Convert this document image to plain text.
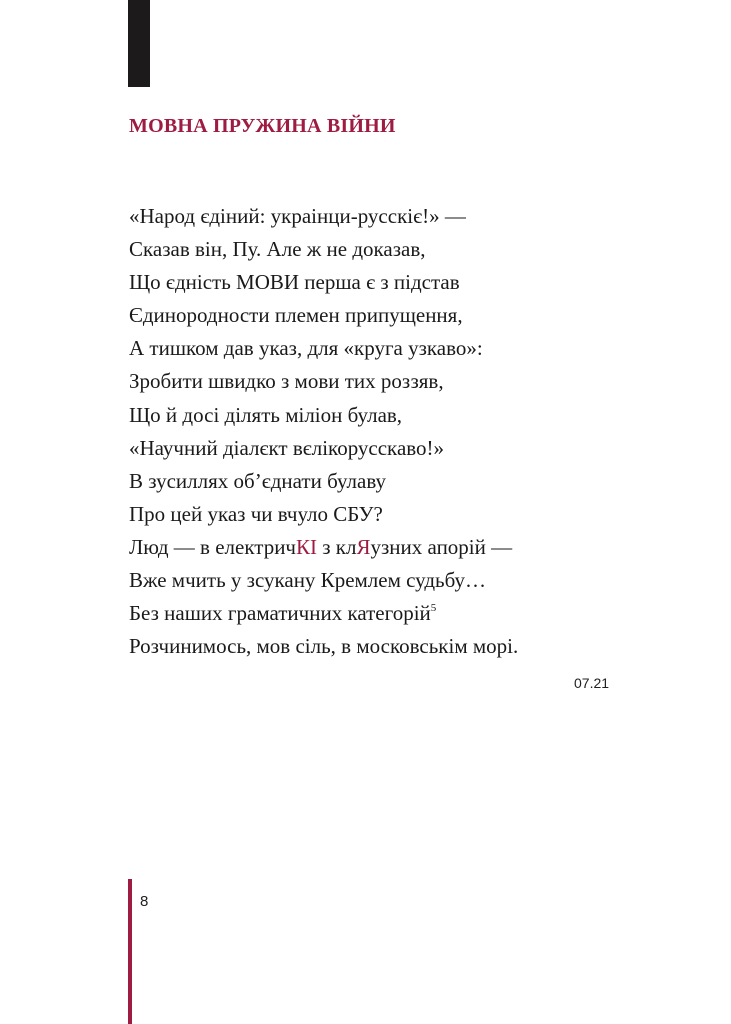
МОВНА ПРУЖИНА ВІЙНИ
«Народ єдіний: украінци-русскіє!» —
Сказав він, Пу. Але ж не доказав,
Що єдність МОВИ перша є з підстав
Єдинородности племен припущення,
А тишком дав указ, для «круга узкаво»:
Зробити швидко з мови тих роззяв,
Що й досі ділять міліон булав,
«Научний діалєкт вєлікорусскаво!»
В зусиллях об’єднати булаву
Про цей указ чи вчуло СБУ?
Люд — в електричКІ з клЯузних апорій —
Вже мчить у зсукану Кремлем судьбу…
Без наших граматичних категорій$^5$
Розчинимось, мов сіль, в московськім морі.
07.21
8
